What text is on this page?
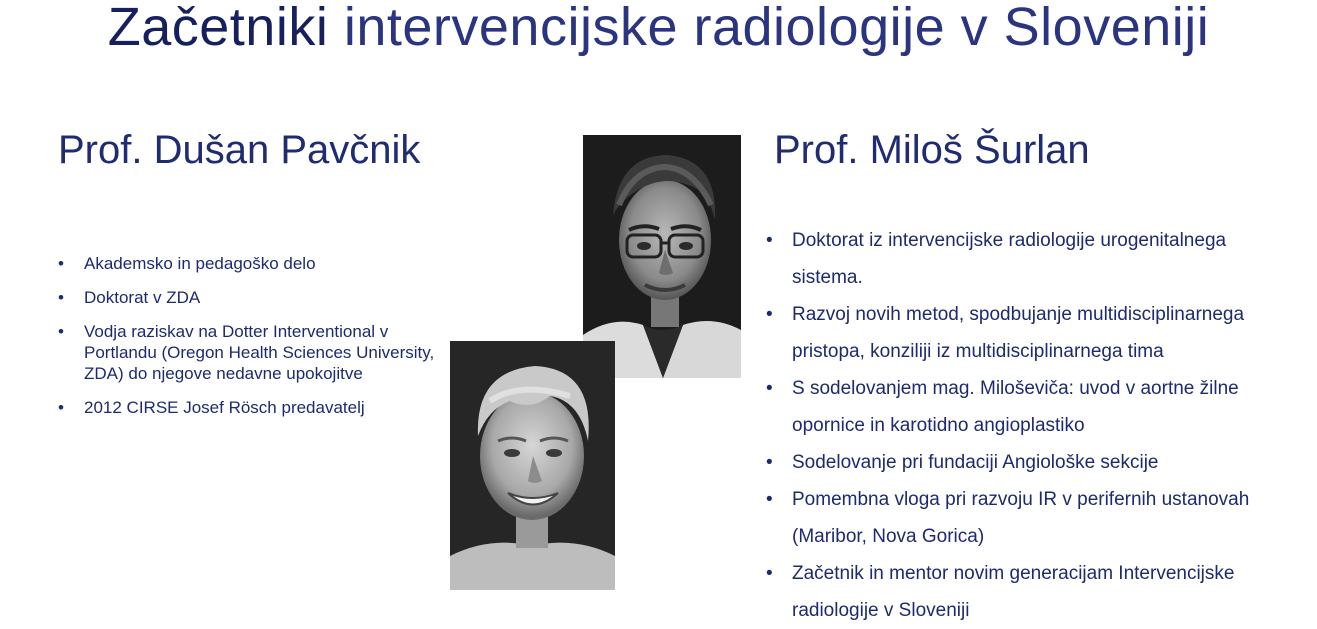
Začetniki intervencijske radiologije v Sloveniji
Prof. Dušan Pavčnik
• Akademsko in pedagoško delo
• Doktorat v ZDA
• Vodja raziskav na Dotter Interventional v Portlandu (Oregon Health Sciences University, ZDA) do njegove nedavne upokojitve
• 2012 CIRSE Josef Rösch predavatelj
Prof. Miloš Šurlan
• Doktorat iz intervencijske radiologije urogenitalnega sistema.
• Razvoj novih metod, spodbujanje multidisciplinarnega pristopa, konziliji iz multidisciplinarnega tima
• S sodelovanjem mag. Miloševiča: uvod v aortne žilne opornice in karotidno angioplastiko
• Sodelovanje pri fundaciji Angiološke sekcije
• Pomembna vloga pri razvoju IR v perifernih ustanovah (Maribor, Nova Gorica)
• Začetnik in mentor novim generacijam Intervencijske radiologije v Sloveniji
